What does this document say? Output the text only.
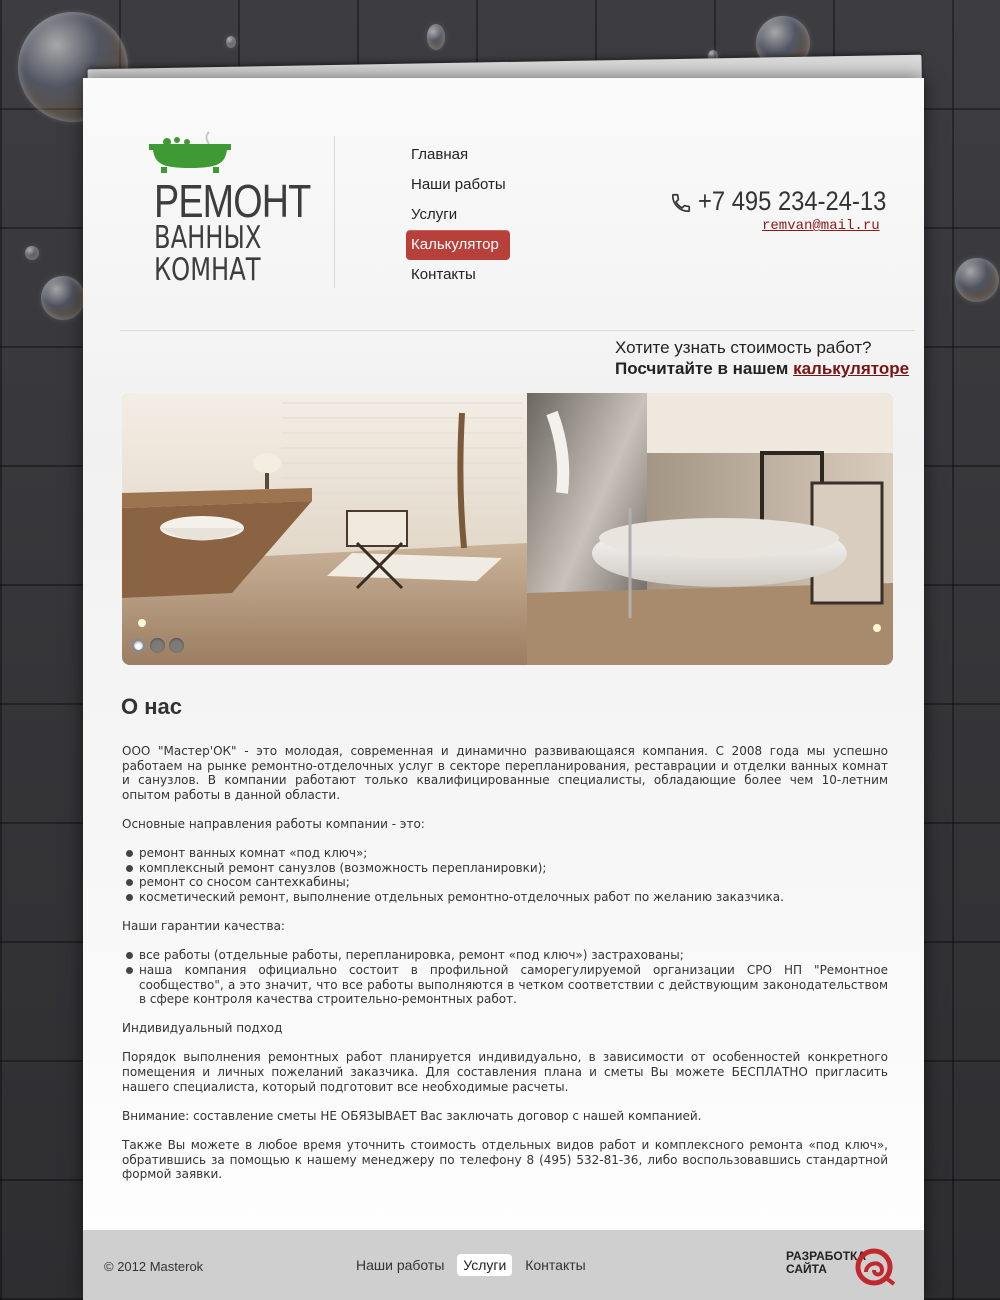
РЕМОНТ
ВАННЫХ
КОМНАТ
Главная
Наши работы
Услуги
Калькулятор
Контакты
+7 495 234-24-13
remvan@mail.ru
Хотите узнать стоимость работ?
Посчитайте в нашем калькуляторе
О нас

ООО "Мастер'ОК" - это молодая, современная и динамично развивающаяся компания. С 2008 года мы успешно работаем на рынке ремонтно-отделочных услуг в секторе перепланирования, реставрации и отделки ванных комнат и санузлов. В компании работают только квалифицированные специалисты, обладающие более чем 10-летним опытом работы в данной области.

Основные направления работы компании - это:

ремонт ванных комнат «под ключ»;
комплексный ремонт санузлов (возможность перепланировки);
ремонт со сносом сантехкабины;
косметический ремонт, выполнение отдельных ремонтно-отделочных работ по желанию заказчика.

Наши гарантии качества:

все работы (отдельные работы, перепланировка, ремонт «под ключ») застрахованы;
наша компания официально состоит в профильной саморегулируемой организации СРО НП "Ремонтное сообщество", а это значит, что все работы выполняются в четком соответствии с действующим законодательством в сфере контроля качества строительно-ремонтных работ.

Индивидуальный подход

Порядок выполнения ремонтных работ планируется индивидуально, в зависимости от особенностей конкретного помещения и личных пожеланий заказчика. Для составления плана и сметы Вы можете БЕСПЛАТНО пригласить нашего специалиста, который подготовит все необходимые расчеты.

Внимание: составление сметы НЕ ОБЯЗЫВАЕТ Вас заключать договор с нашей компанией.

Также Вы можете в любое время уточнить стоимость отдельных видов работ и комплексного ремонта «под ключ», обратившись за помощью к нашему менеджеру по телефону 8 (495) 532-81-36, либо воспользовавшись стандартной формой заявки.

© 2012 Masterok	Наши работы Услуги Контакты
РАЗРАБОТКА
САЙТА
